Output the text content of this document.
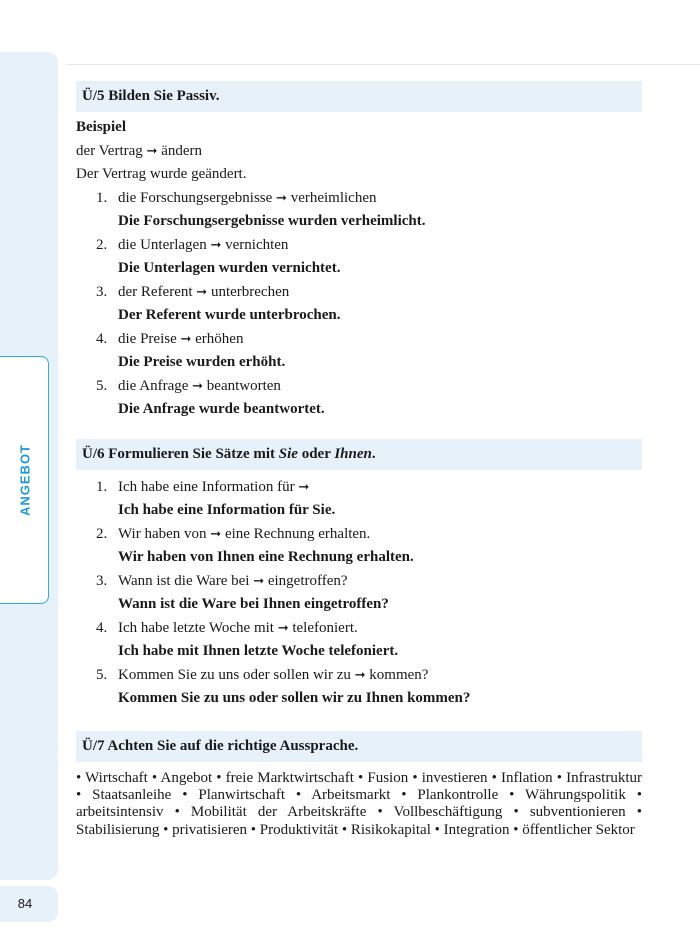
ANGEBOT
84
Ü/5 Bilden Sie Passiv.
Beispiel
der Vertrag ➞ ändern
Der Vertrag wurde geändert.
1. die Forschungsergebnisse ➞ verheimlichen
Die Forschungsergebnisse wurden verheimlicht.
2. die Unterlagen ➞ vernichten
Die Unterlagen wurden vernichtet.
3. der Referent ➞ unterbrechen
Der Referent wurde unterbrochen.
4. die Preise ➞ erhöhen
Die Preise wurden erhöht.
5. die Anfrage ➞ beantworten
Die Anfrage wurde beantwortet.
Ü/6 Formulieren Sie Sätze mit Sie oder Ihnen.
1. Ich habe eine Information für ➞
Ich habe eine Information für Sie.
2. Wir haben von ➞ eine Rechnung erhalten.
Wir haben von Ihnen eine Rechnung erhalten.
3. Wann ist die Ware bei ➞ eingetroffen?
Wann ist die Ware bei Ihnen eingetroffen?
4. Ich habe letzte Woche mit ➞ telefoniert.
Ich habe mit Ihnen letzte Woche telefoniert.
5. Kommen Sie zu uns oder sollen wir zu ➞ kommen?
Kommen Sie zu uns oder sollen wir zu Ihnen kommen?
Ü/7 Achten Sie auf die richtige Aussprache.
• Wirtschaft • Angebot • freie Marktwirtschaft • Fusion • investieren • Inflation • Infrastruktur • Staatsanleihe • Planwirtschaft • Arbeitsmarkt • Plankontrolle • Währungspolitik • arbeitsintensiv • Mobilität der Arbeitskräfte • Vollbeschäftigung • subventionieren • Stabilisierung • privatisieren • Produktivität • Risikokapital • Integration • öffentlicher Sektor
